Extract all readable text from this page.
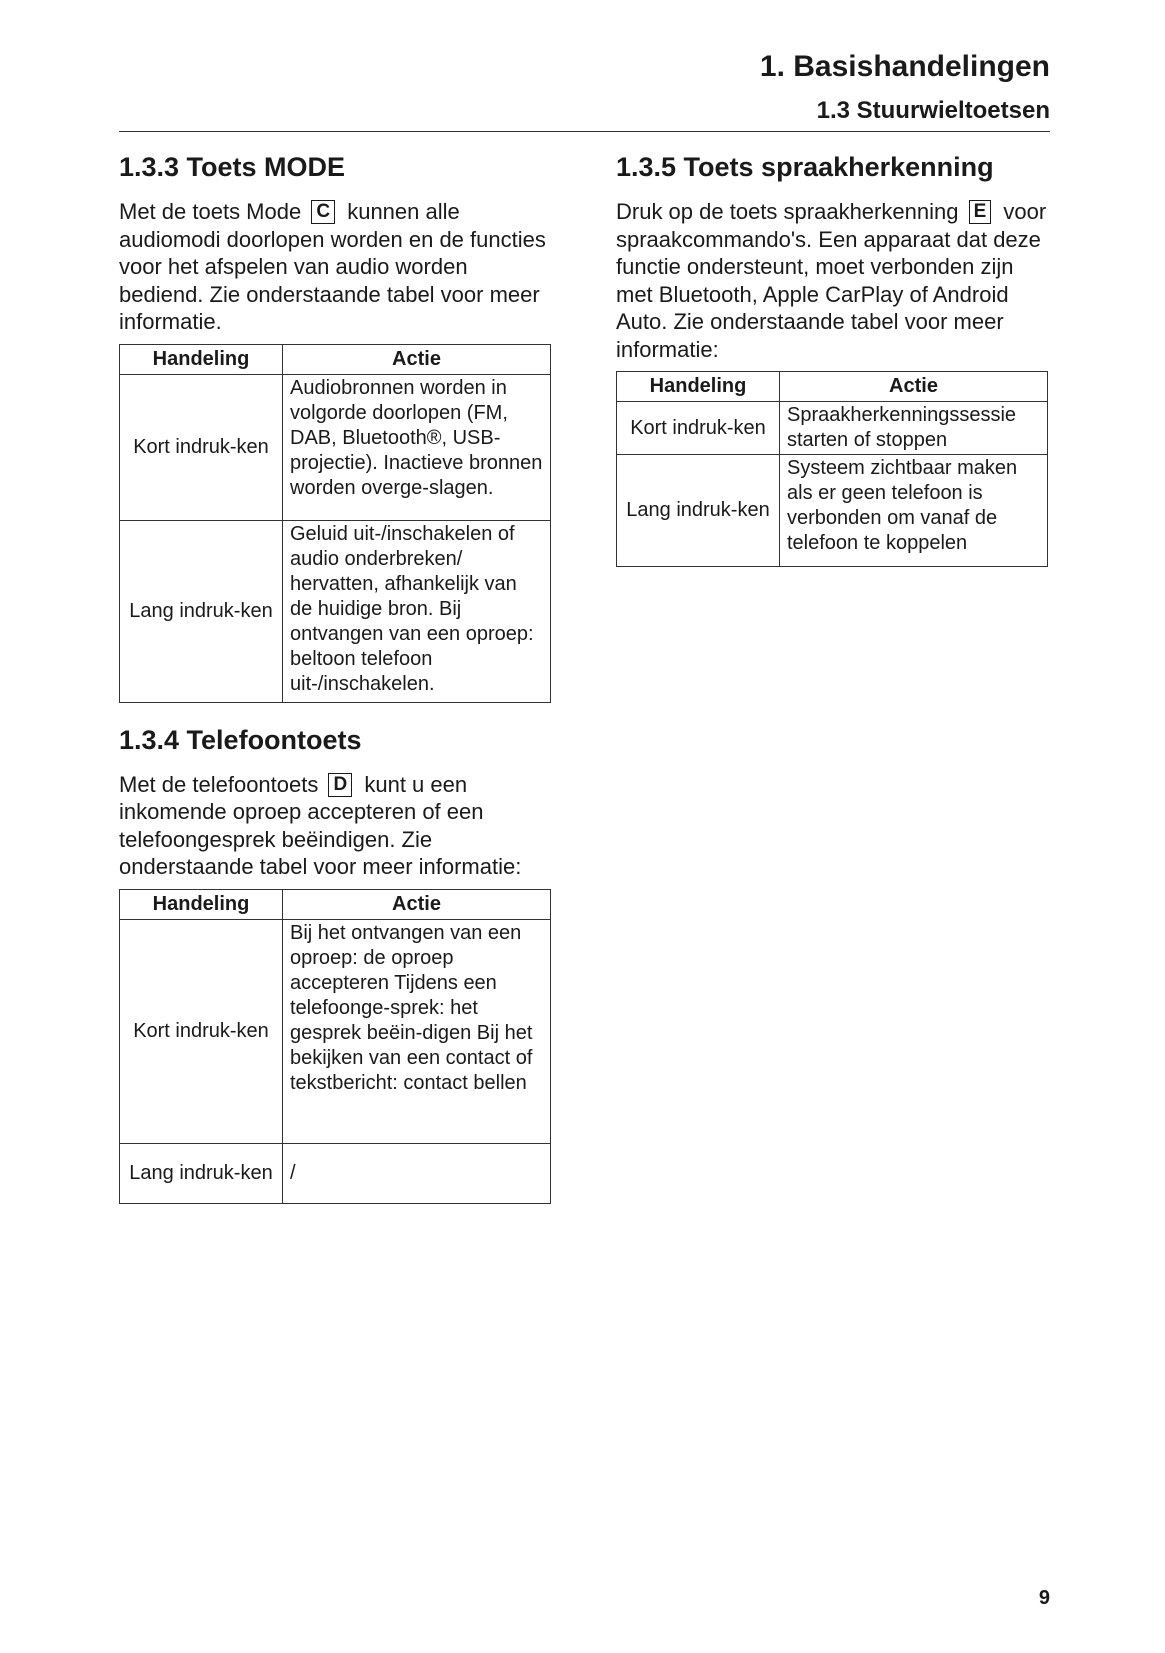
1. Basishandelingen
1.3 Stuurwieltoetsen
1.3.3 Toets MODE

Met de toets Mode C kunnen alle audiomodi doorlopen worden en de functies voor het afspelen van audio worden bediend. Zie onderstaande tabel voor meer informatie.

Handeling	Actie
Kort indruk-ken	Audiobronnen worden in volgorde doorlopen (FM, DAB, Bluetooth®, USB-projectie). Inactieve bronnen worden overge-slagen.
Lang indruk-ken	Geluid uit-/inschakelen of audio onderbreken/ hervatten, afhankelijk van de huidige bron. Bij ontvangen van een oproep: beltoon telefoon uit-/inschakelen.
1.3.4 Telefoontoets

Met de telefoontoets D kunt u een inkomende oproep accepteren of een telefoongesprek beëindigen. Zie onderstaande tabel voor meer informatie:

Handeling	Actie
Kort indruk-ken	Bij het ontvangen van een oproep: de oproep accepteren Tijdens een telefoonge-sprek: het gesprek beëin-digen Bij het bekijken van een contact of tekstbericht: contact bellen
Lang indruk-ken	/
1.3.5 Toets spraakherkenning

Druk op de toets spraakherkenning E voor spraakcommando's. Een apparaat dat deze functie ondersteunt, moet verbonden zijn met Bluetooth, Apple CarPlay of Android Auto. Zie onderstaande tabel voor meer informatie:

Handeling	Actie
Kort indruk-ken	Spraakherkenningssessie starten of stoppen
Lang indruk-ken	Systeem zichtbaar maken als er geen telefoon is verbonden om vanaf de telefoon te koppelen
9
